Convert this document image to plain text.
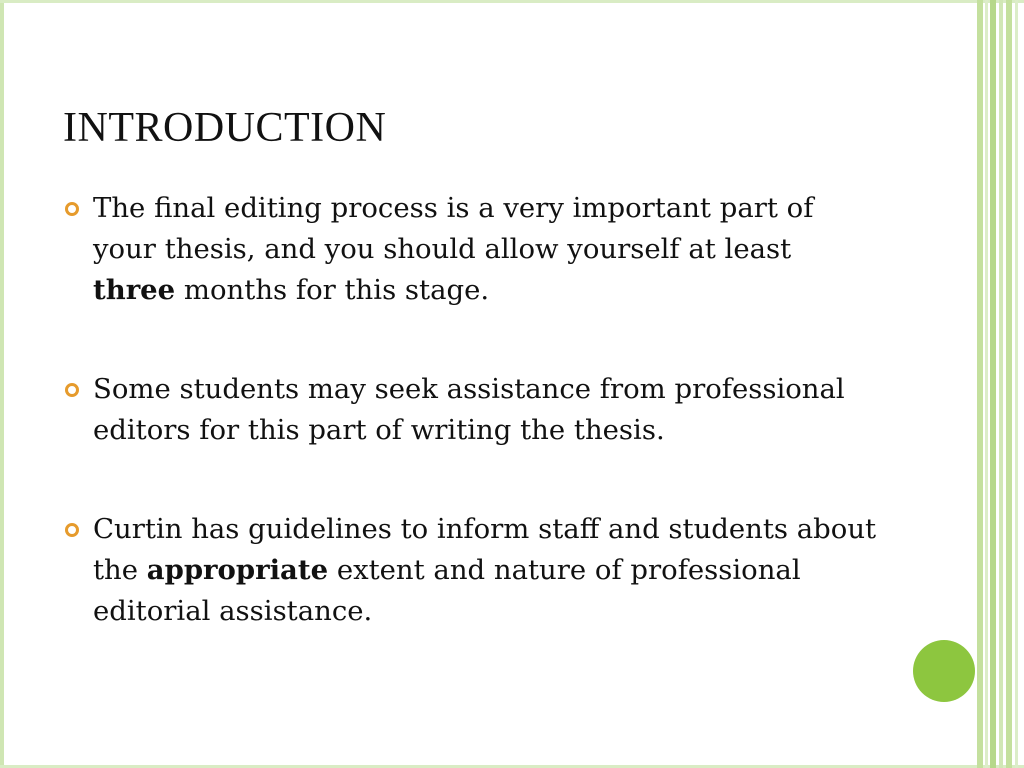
INTRODUCTION
The final editing process is a very important part of your thesis, and you should allow yourself at least three months for this stage.
Some students may seek assistance from professional editors for this part of writing the thesis.
Curtin has guidelines to inform staff and students about the appropriate extent and nature of professional editorial assistance.
